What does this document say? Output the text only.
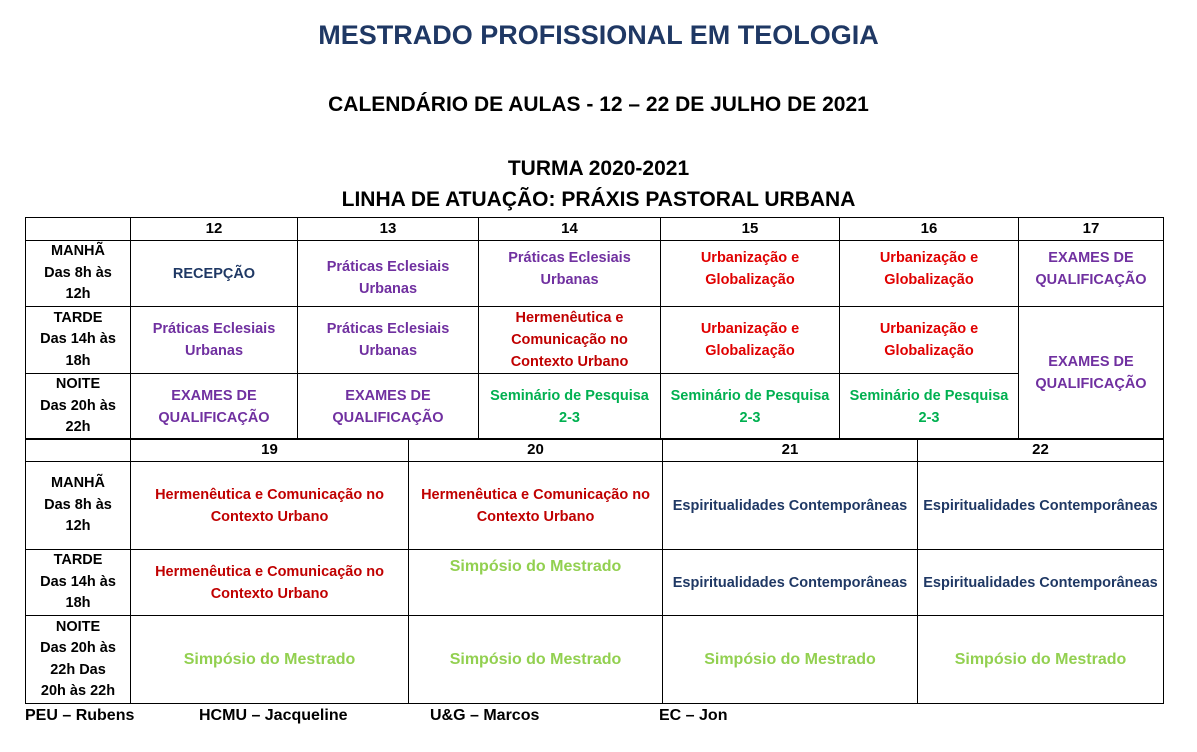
MESTRADO PROFISSIONAL EM TEOLOGIA
CALENDÁRIO DE AULAS - 12 – 22 DE JULHO DE 2021
TURMA 2020-2021
LINHA DE ATUAÇÃO: PRÁXIS PASTORAL URBANA
	12	13	14	15	16	17

MANHÃ
Das 8h às
12h	RECEPÇÃO	Práticas Eclesiais Urbanas	Práticas Eclesiais Urbanas	Urbanização e Globalização	Urbanização e Globalização	EXAMES DE QUALIFICAÇÃO

TARDE
Das 14h às
18h	Práticas Eclesiais Urbanas	Práticas Eclesiais Urbanas	Hermenêutica e Comunicação no Contexto Urbano	Urbanização e Globalização	Urbanização e Globalização	EXAMES DE QUALIFICAÇÃO

NOITE
Das 20h às
22h	EXAMES DE QUALIFICAÇÃO	EXAMES DE QUALIFICAÇÃO	Seminário de Pesquisa 2-3	Seminário de Pesquisa 2-3	Seminário de Pesquisa 2-3	
	19	20	21	22

MANHÃ
Das 8h às
12h	Hermenêutica e Comunicação no Contexto Urbano	Hermenêutica e Comunicação no Contexto Urbano	Espiritualidades Contemporâneas	Espiritualidades Contemporâneas

TARDE
Das 14h às
18h	Hermenêutica e Comunicação no Contexto Urbano	Simpósio do Mestrado	Espiritualidades Contemporâneas	Espiritualidades Contemporâneas

NOITE
Das 20h às
22h Das
20h às 22h	Simpósio do Mestrado	Simpósio do Mestrado	Simpósio do Mestrado	Simpósio do Mestrado
PEU – Rubens	HCMU – Jacqueline	U&G – Marcos	EC – Jon
